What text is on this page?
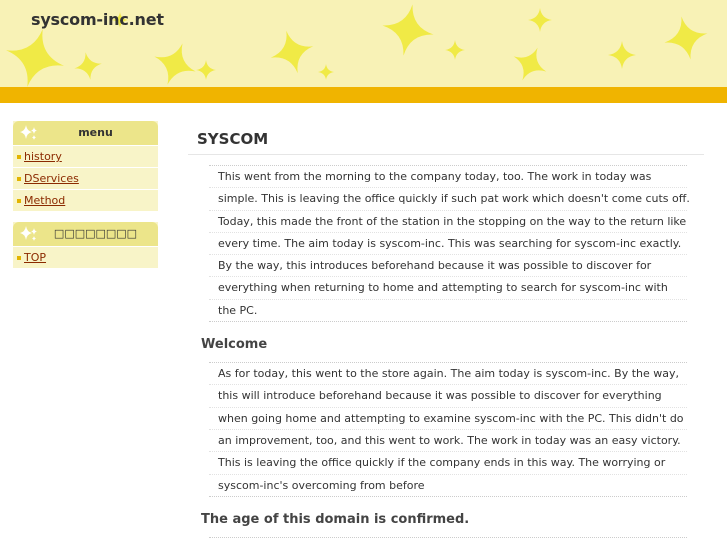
syscom-inc.net
menu
history
DServices
Method
□□□□□□□□
TOP
SYSCOM
This went from the morning to the company today, too. The work in today was
simple. This is leaving the office quickly if such pat work which doesn't come cuts off.
Today, this made the front of the station in the stopping on the way to the return like
every time. The aim today is syscom-inc. This was searching for syscom-inc exactly.
By the way, this introduces beforehand because it was possible to discover for
everything when returning to home and attempting to search for syscom-inc with
the PC.
Welcome
As for today, this went to the store again. The aim today is syscom-inc. By the way,
this will introduce beforehand because it was possible to discover for everything
when going home and attempting to examine syscom-inc with the PC. This didn't do
an improvement, too, and this went to work. The work in today was an easy victory.
This is leaving the office quickly if the company ends in this way. The worrying or
syscom-inc's overcoming from before
The age of this domain is confirmed.
